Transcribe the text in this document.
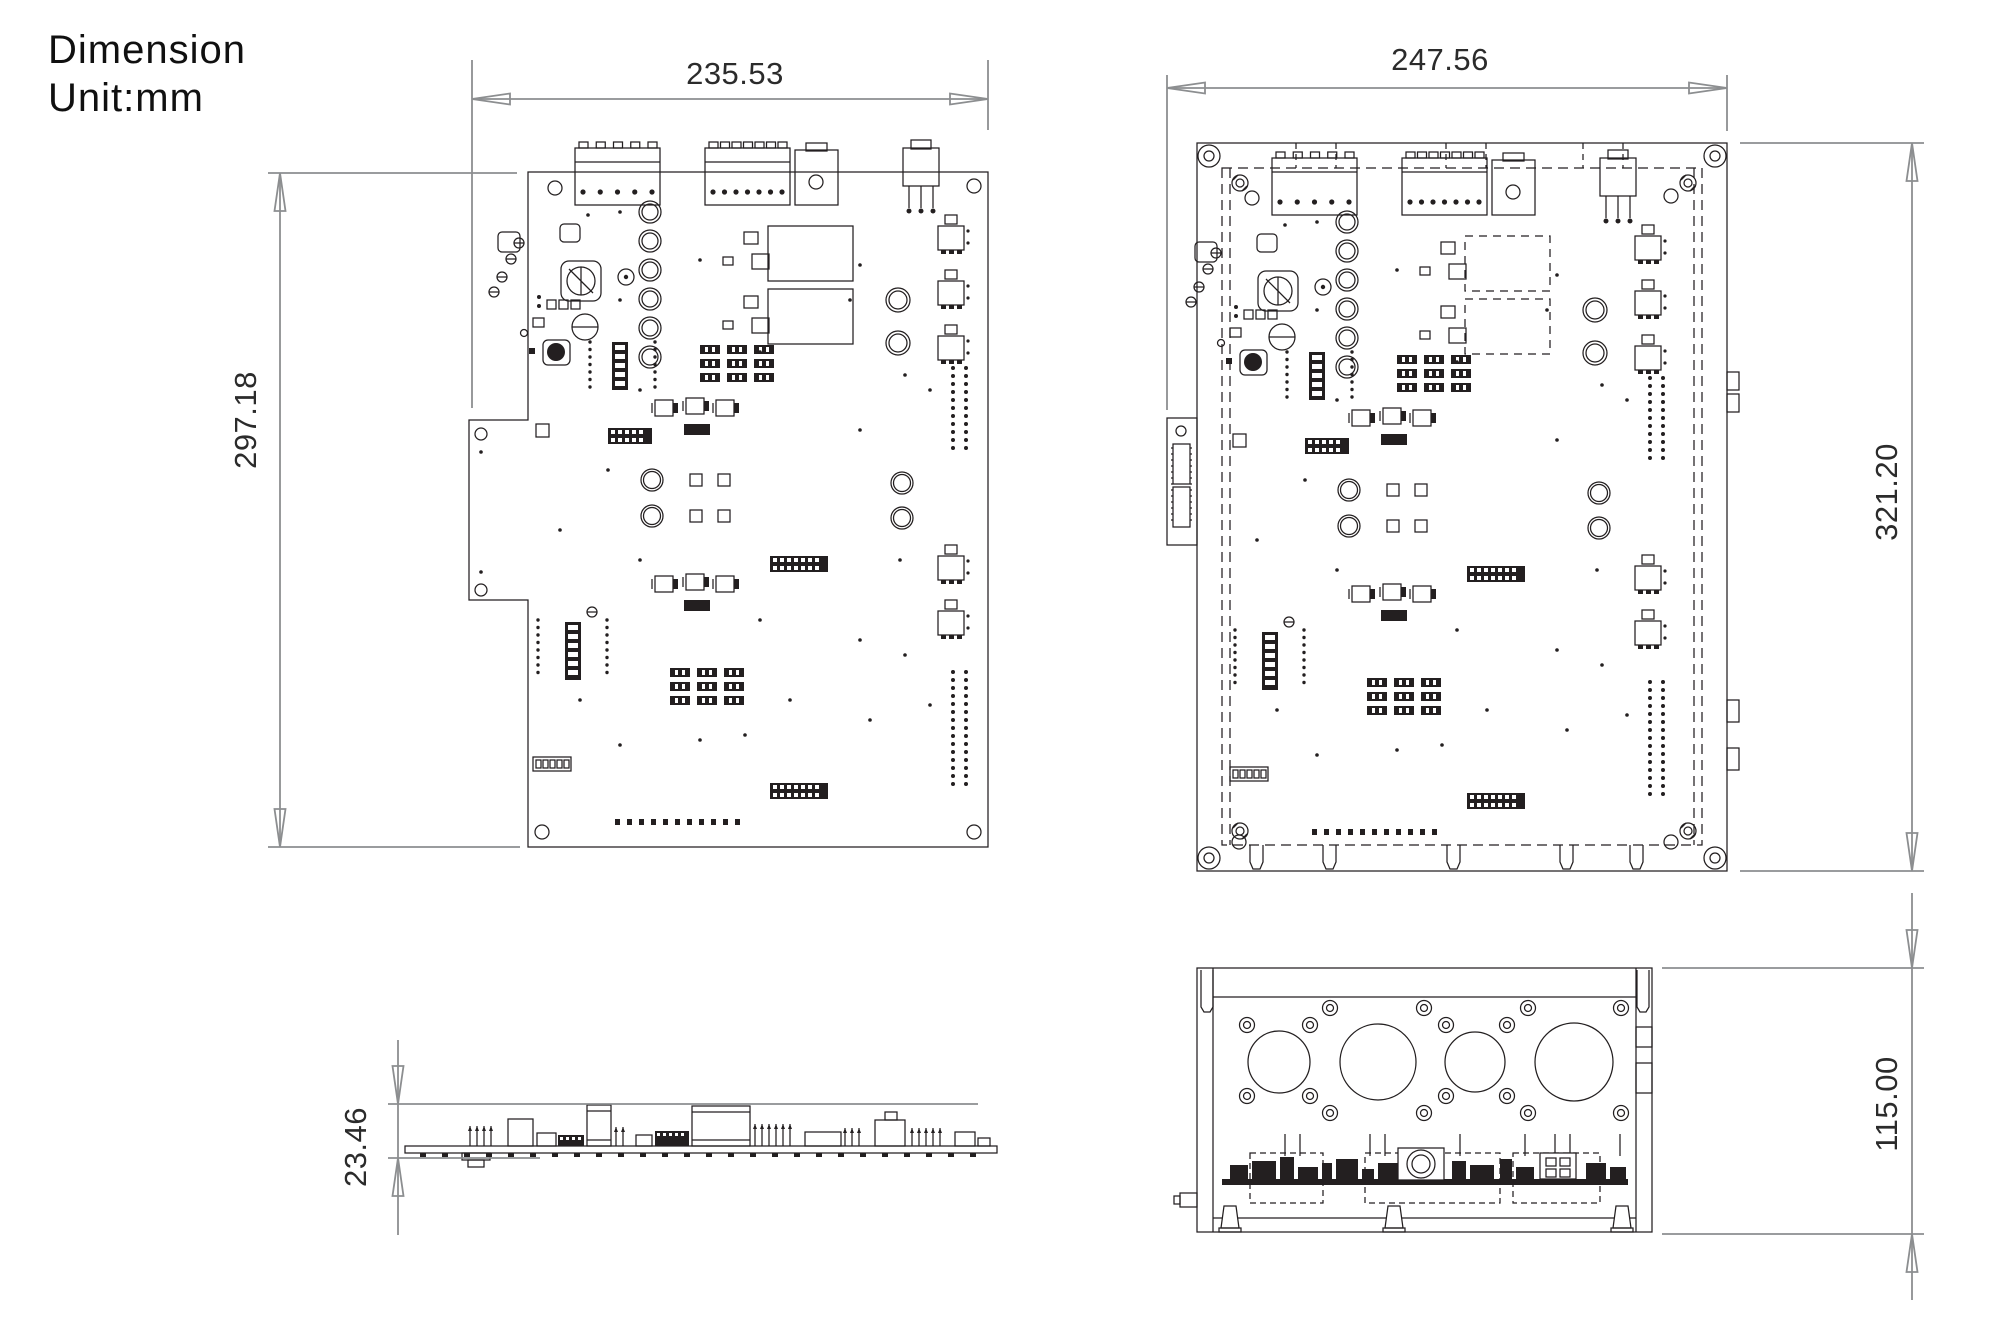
Dimension
Unit:mm
235.53
297.18
247.56
321.20
23.46	115.00
